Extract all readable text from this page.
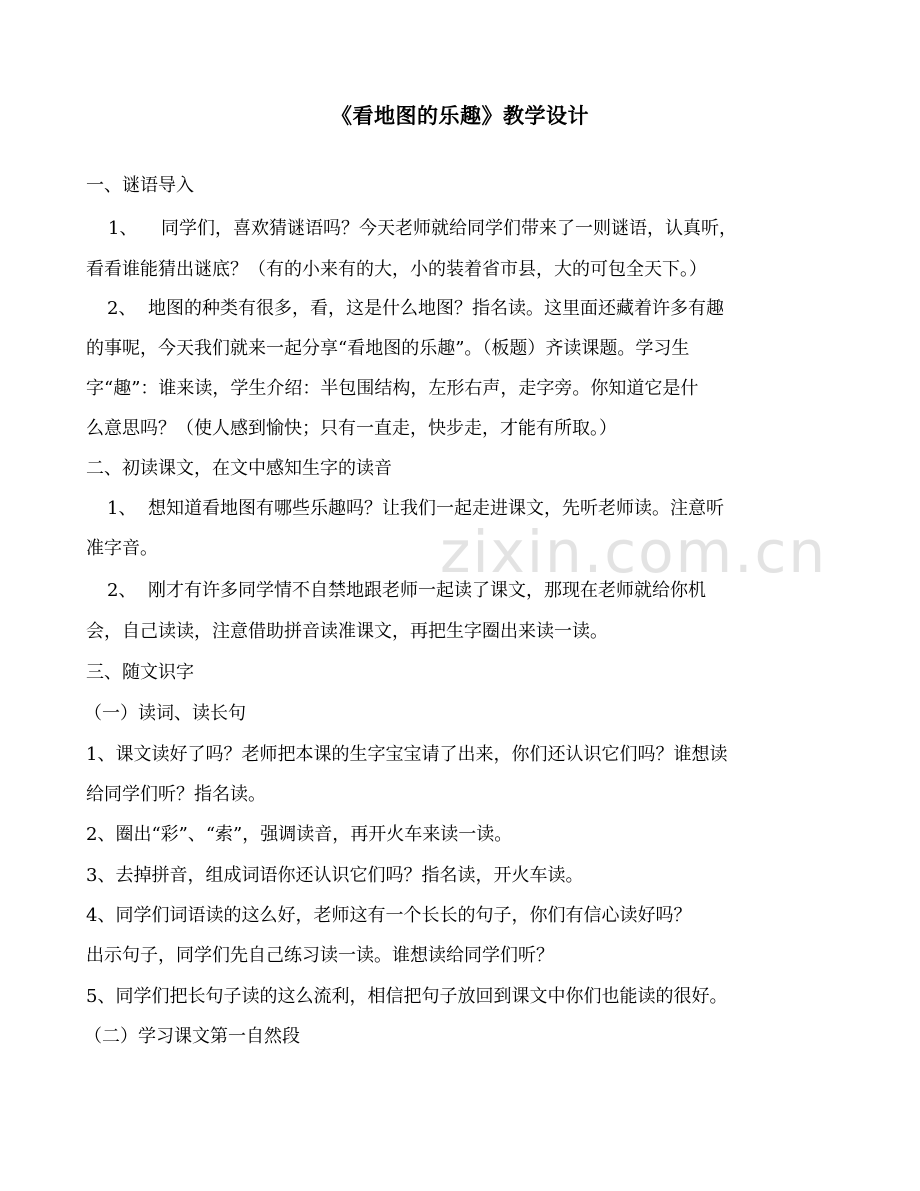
zixin.com.cn
《看地图的乐趣》教学设计
一、谜语导入
1、 同学们，喜欢猜谜语吗？今天老师就给同学们带来了一则谜语，认真听，
看看谁能猜出谜底？（有的小来有的大，小的装着省市县，大的可包全天下。）
2、 地图的种类有很多，看，这是什么地图？指名读。这里面还藏着许多有趣
的事呢，今天我们就来一起分享“看地图的乐趣”。（板题）齐读课题。学习生
字“趣”：谁来读，学生介绍：半包围结构，左形右声，走字旁。你知道它是什
么意思吗？（使人感到愉快；只有一直走，快步走，才能有所取。）
二、初读课文，在文中感知生字的读音
1、 想知道看地图有哪些乐趣吗？让我们一起走进课文，先听老师读。注意听
准字音。
2、 刚才有许多同学情不自禁地跟老师一起读了课文，那现在老师就给你机
会，自己读读，注意借助拼音读准课文，再把生字圈出来读一读。
三、随文识字
（一）读词、读长句
1、课文读好了吗？老师把本课的生字宝宝请了出来，你们还认识它们吗？谁想读
给同学们听？指名读。
2、圈出“彩”、“索”，强调读音，再开火车来读一读。
3、去掉拼音，组成词语你还认识它们吗？指名读，开火车读。
4、同学们词语读的这么好，老师这有一个长长的句子，你们有信心读好吗？
出示句子，同学们先自己练习读一读。谁想读给同学们听？
5、同学们把长句子读的这么流利，相信把句子放回到课文中你们也能读的很好。
（二）学习课文第一自然段
